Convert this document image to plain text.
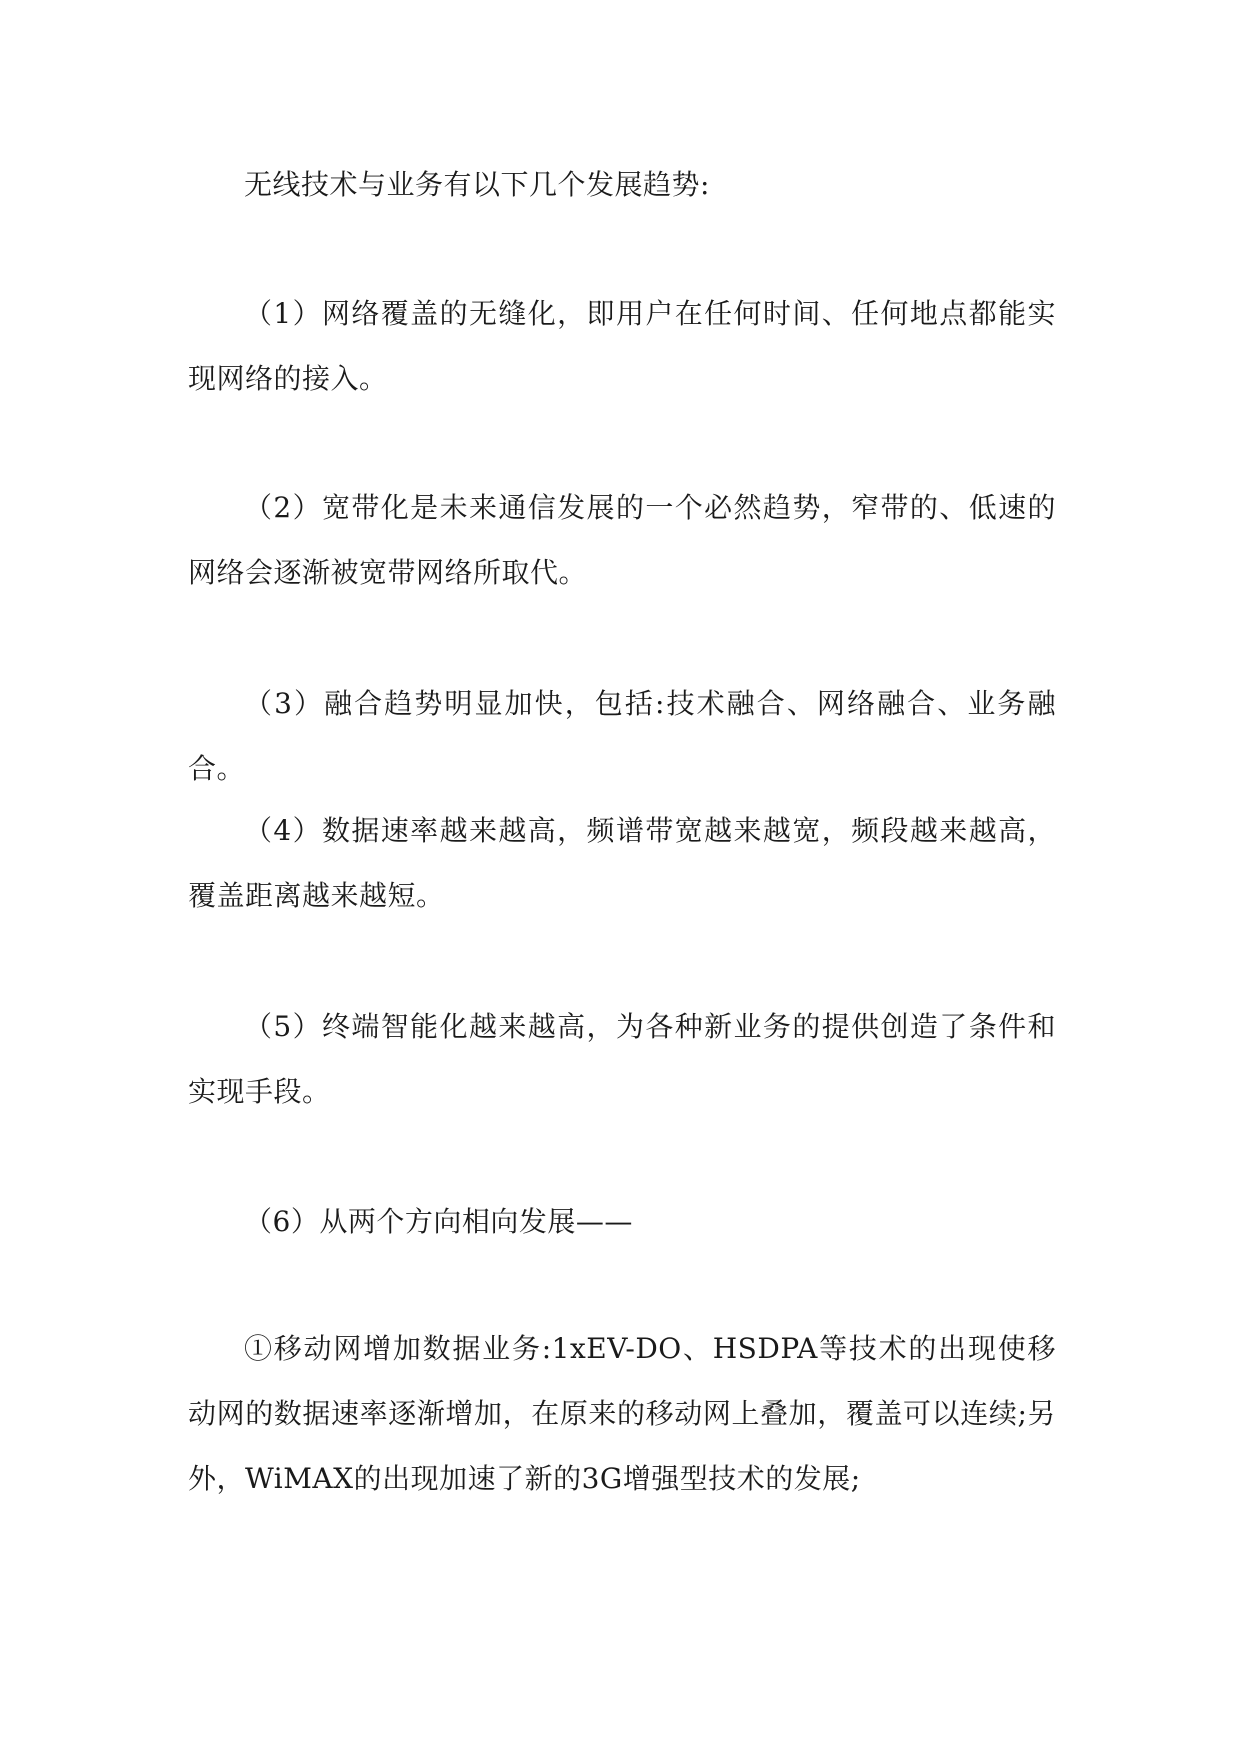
无线技术与业务有以下几个发展趋势:

（1）网络覆盖的无缝化，即用户在任何时间、任何地点都能实现网络的接入。

（2）宽带化是未来通信发展的一个必然趋势，窄带的、低速的网络会逐渐被宽带网络所取代。

（3）融合趋势明显加快，包括:技术融合、网络融合、业务融合。

（4）数据速率越来越高，频谱带宽越来越宽，频段越来越高，覆盖距离越来越短。

（5）终端智能化越来越高，为各种新业务的提供创造了条件和实现手段。

（6）从两个方向相向发展——

①移动网增加数据业务:1xEV-DO、HSDPA等技术的出现使移动网的数据速率逐渐增加，在原来的移动网上叠加，覆盖可以连续;另外，WiMAX的出现加速了新的3G增强型技术的发展;
